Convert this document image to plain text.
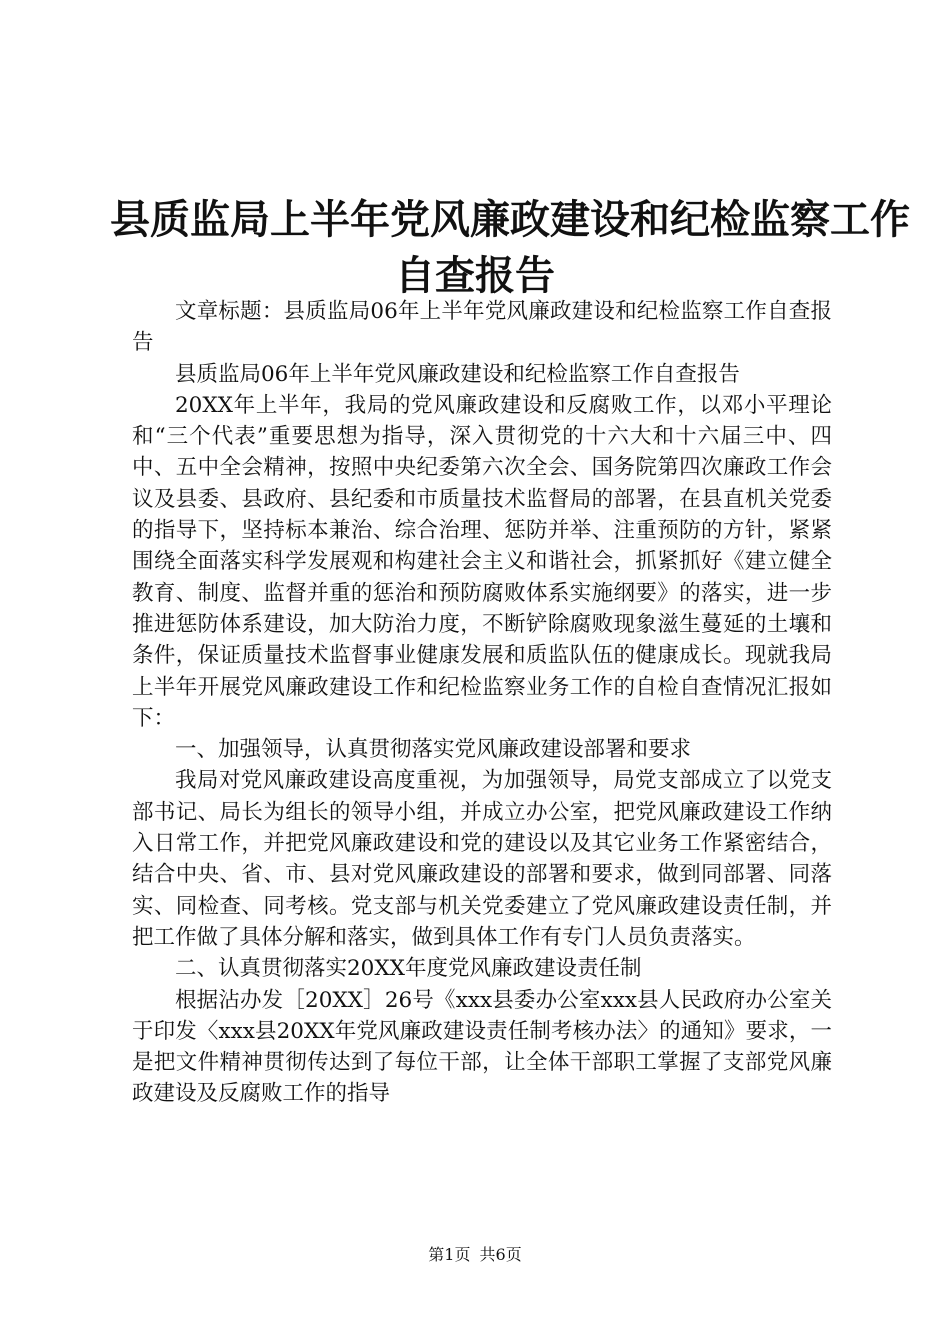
县质监局上半年党风廉政建设和纪检监察工作
自查报告

文章标题：县质监局06年上半年党风廉政建设和纪检监察工作自查报告

县质监局06年上半年党风廉政建设和纪检监察工作自查报告

20XX年上半年，我局的党风廉政建设和反腐败工作，以邓小平理论和“三个代表”重要思想为指导，深入贯彻党的十六大和十六届三中、四中、五中全会精神，按照中央纪委第六次全会、国务院第四次廉政工作会议及县委、县政府、县纪委和市质量技术监督局的部署，在县直机关党委的指导下，坚持标本兼治、综合治理、惩防并举、注重预防的方针，紧紧围绕全面落实科学发展观和构建社会主义和谐社会，抓紧抓好《建立健全教育、制度、监督并重的惩治和预防腐败体系实施纲要》的落实，进一步推进惩防体系建设，加大防治力度，不断铲除腐败现象滋生蔓延的土壤和条件，保证质量技术监督事业健康发展和质监队伍的健康成长。现就我局上半年开展党风廉政建设工作和纪检监察业务工作的自检自查情况汇报如下：

一、加强领导，认真贯彻落实党风廉政建设部署和要求

我局对党风廉政建设高度重视，为加强领导，局党支部成立了以党支部书记、局长为组长的领导小组，并成立办公室，把党风廉政建设工作纳入日常工作，并把党风廉政建设和党的建设以及其它业务工作紧密结合，结合中央、省、市、县对党风廉政建设的部署和要求，做到同部署、同落实、同检查、同考核。党支部与机关党委建立了党风廉政建设责任制，并把工作做了具体分解和落实，做到具体工作有专门人员负责落实。

二、认真贯彻落实20XX年度党风廉政建设责任制

根据沾办发［20XX］26号《xxx县委办公室xxx县人民政府办公室关于印发〈xxx县20XX年党风廉政建设责任制考核办法〉的通知》要求，一是把文件精神贯彻传达到了每位干部，让全体干部职工掌握了支部党风廉政建设及反腐败工作的指导

第1页 共6页
